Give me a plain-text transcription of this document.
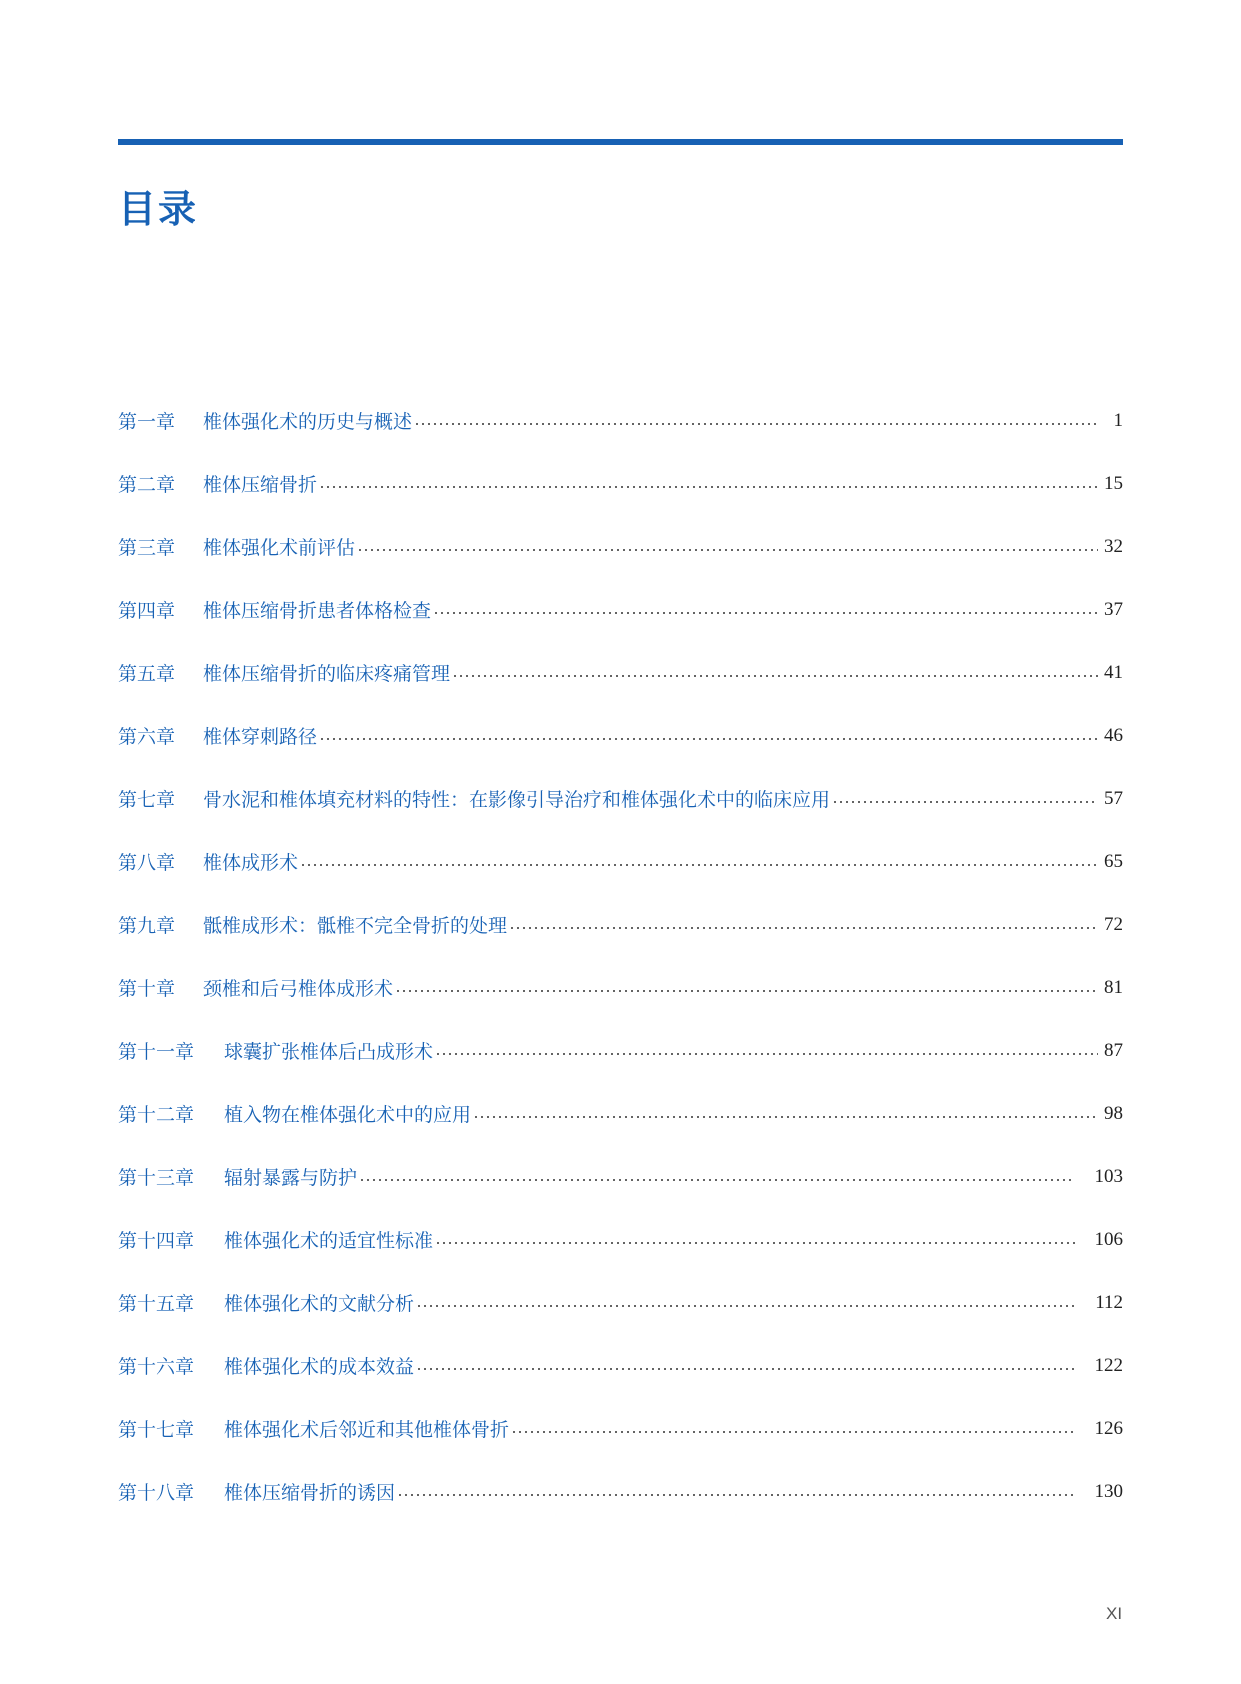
目录
第一章	椎体强化术的历史与概述	1
第二章	椎体压缩骨折	15
第三章	椎体强化术前评估	32
第四章	椎体压缩骨折患者体格检查	37
第五章	椎体压缩骨折的临床疼痛管理	41
第六章	椎体穿刺路径	46
第七章	骨水泥和椎体填充材料的特性：在影像引导治疗和椎体强化术中的临床应用	57
第八章	椎体成形术	65
第九章	骶椎成形术：骶椎不完全骨折的处理	72
第十章	颈椎和后弓椎体成形术	81
第十一章	球囊扩张椎体后凸成形术	87
第十二章	植入物在椎体强化术中的应用	98
第十三章	辐射暴露与防护	103
第十四章	椎体强化术的适宜性标准	106
第十五章	椎体强化术的文献分析	112
第十六章	椎体强化术的成本效益	122
第十七章	椎体强化术后邻近和其他椎体骨折	126
第十八章	椎体压缩骨折的诱因	130
XI
